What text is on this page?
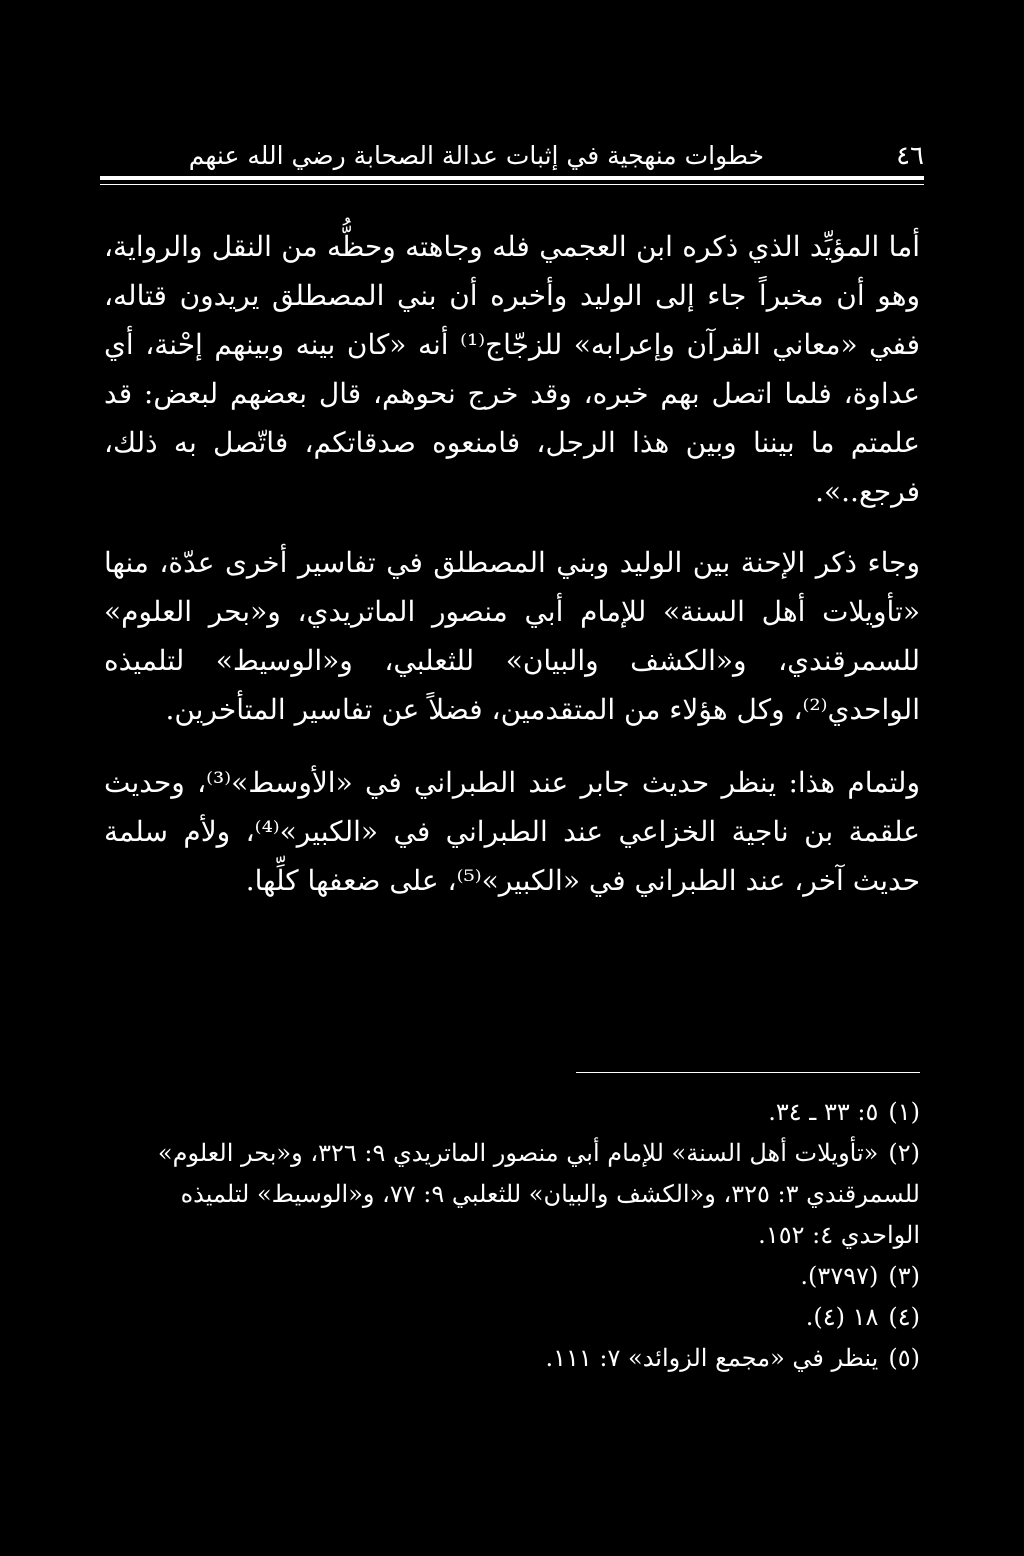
٤٦
خطوات منهجية في إثبات عدالة الصحابة رضي الله عنهم

أما المؤيِّد الذي ذكره ابن العجمي فله وجاهته وحظُّه من النقل والرواية، وهو أن مخبراً جاء إلى الوليد وأخبره أن بني المصطلق يريدون قتاله، ففي «معاني القرآن وإعرابه» للزجّاج⁽¹⁾ أنه «كان بينه وبينهم إحْنة، أي عداوة، فلما اتصل بهم خبره، وقد خرج نحوهم، قال بعضهم لبعض: قد علمتم ما بيننا وبين هذا الرجل، فامنعوه صدقاتكم، فاتّصل به ذلك، فرجع..».

وجاء ذكر الإحنة بين الوليد وبني المصطلق في تفاسير أخرى عدّة، منها «تأويلات أهل السنة» للإمام أبي منصور الماتريدي، و«بحر العلوم» للسمرقندي، و«الكشف والبيان» للثعلبي، و«الوسيط» لتلميذه الواحدي⁽²⁾، وكل هؤلاء من المتقدمين، فضلاً عن تفاسير المتأخرين.

ولتمام هذا: ينظر حديث جابر عند الطبراني في «الأوسط»⁽³⁾، وحديث علقمة بن ناجية الخزاعي عند الطبراني في «الكبير»⁽⁴⁾، ولأم سلمة حديث آخر، عند الطبراني في «الكبير»⁽⁵⁾، على ضعفها كلِّها.

(١)٥: ٣٣ ـ ٣٤.
(٢)«تأويلات أهل السنة» للإمام أبي منصور الماتريدي ٩: ٣٢٦، و«بحر العلوم» للسمرقندي ٣: ٣٢٥، و«الكشف والبيان» للثعلبي ٩: ٧٧، و«الوسيط» لتلميذه الواحدي ٤: ١٥٢.
(٣)(٣٧٩٧).
(٤)١٨ (٤).
(٥)ينظر في «مجمع الزوائد» ٧: ١١١.
